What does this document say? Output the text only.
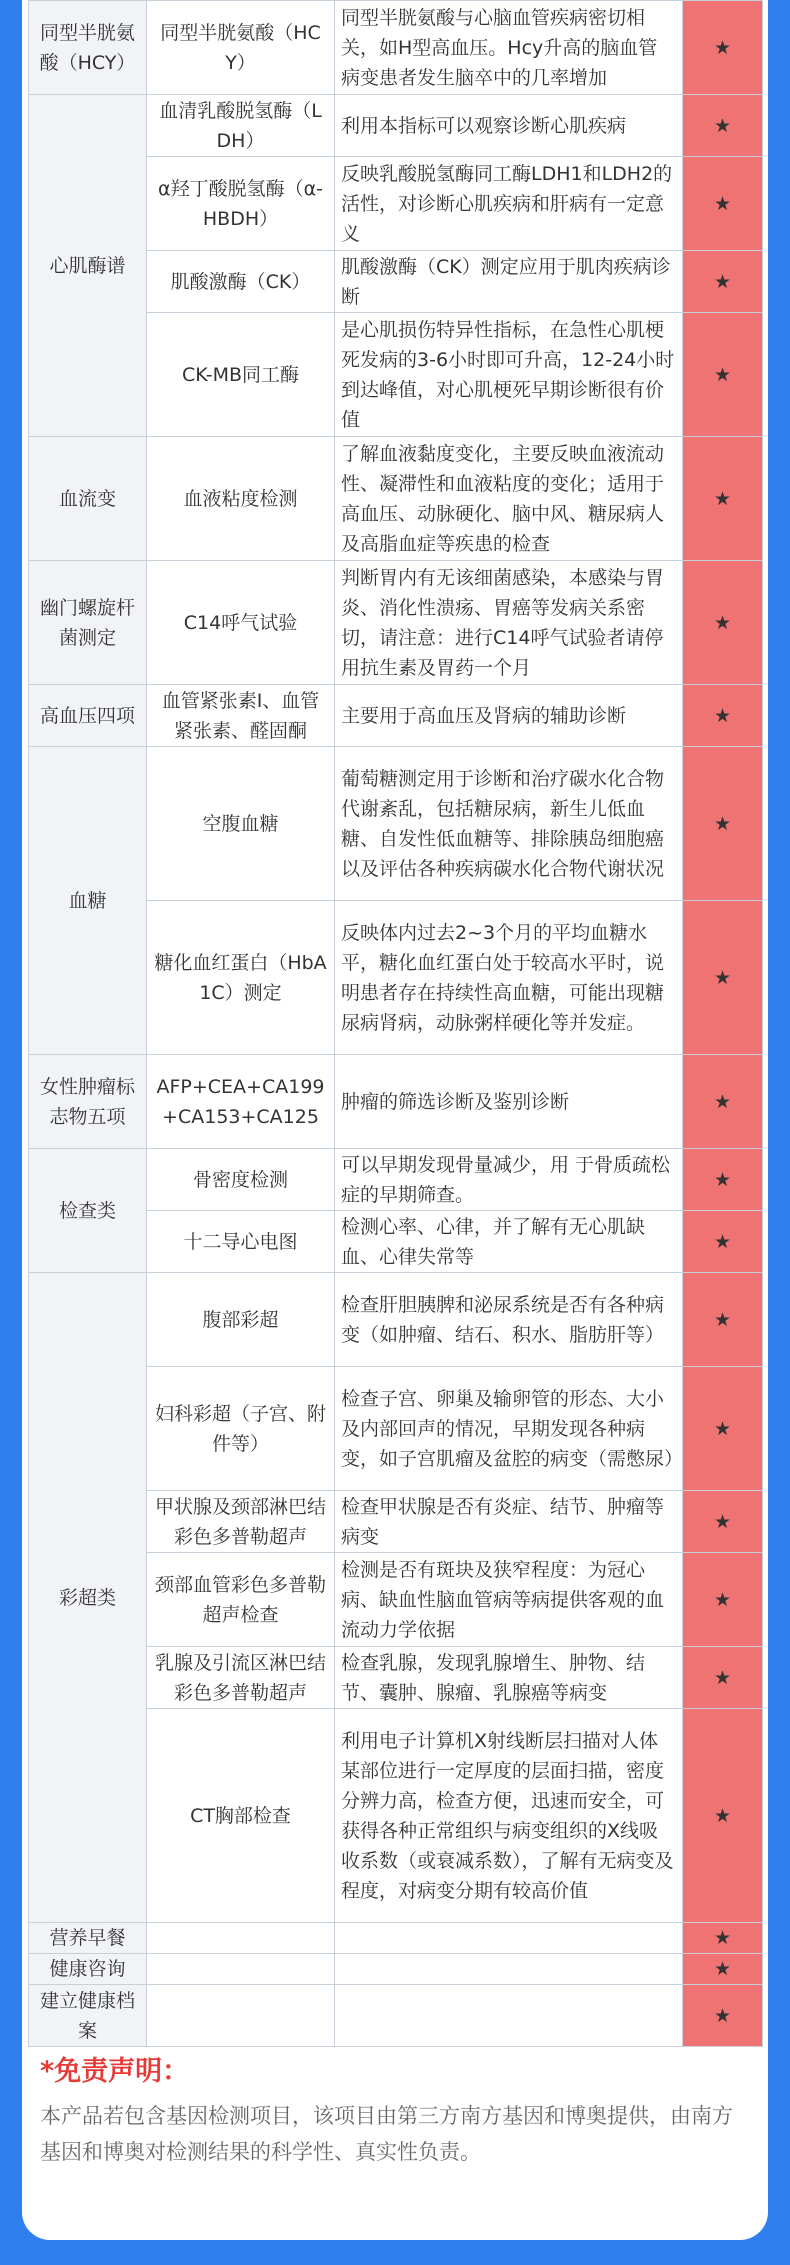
同型半胱氨酸（HCY）	同型半胱氨酸（HCY）	同型半胱氨酸与心脑血管疾病密切相关，如H型高血压。Hcy升高的脑血管病变患者发生脑卒中的几率增加	★
心肌酶谱	血清乳酸脱氢酶（LDH）	利用本指标可以观察诊断心肌疾病	★
	α羟丁酸脱氢酶（α-HBDH）	反映乳酸脱氢酶同工酶LDH1和LDH2的活性，对诊断心肌疾病和肝病有一定意义	★
	肌酸激酶（CK）	肌酸激酶（CK）测定应用于肌肉疾病诊断	★
	CK-MB同工酶	是心肌损伤特异性指标，在急性心肌梗死发病的3-6小时即可升高，12-24小时到达峰值，对心肌梗死早期诊断很有价值	★
血流变	血液粘度检测	了解血液黏度变化，主要反映血液流动性、凝滞性和血液粘度的变化；适用于高血压、动脉硬化、脑中风、糖尿病人及高脂血症等疾患的检查	★
幽门螺旋杆菌测定	C14呼气试验	判断胃内有无该细菌感染，本感染与胃炎、消化性溃疡、胃癌等发病关系密切，请注意：进行C14呼气试验者请停用抗生素及胃药一个月	★
高血压四项	血管紧张素Ⅰ、血管紧张素、醛固酮	主要用于高血压及肾病的辅助诊断	★
血糖	空腹血糖	葡萄糖测定用于诊断和治疗碳水化合物代谢紊乱，包括糖尿病，新生儿低血糖、自发性低血糖等、排除胰岛细胞癌以及评估各种疾病碳水化合物代谢状况	★
	糖化血红蛋白（HbA1C）测定	反映体内过去2~3个月的平均血糖水平，糖化血红蛋白处于较高水平时，说明患者存在持续性高血糖，可能出现糖尿病肾病，动脉粥样硬化等并发症。	★
女性肿瘤标志物五项	AFP+CEA+CA199+CA153+CA125	肿瘤的筛选诊断及鉴别诊断	★
检查类	骨密度检测	可以早期发现骨量减少，用 于骨质疏松症的早期筛查。	★
	十二导心电图	检测心率、心律，并了解有无心肌缺血、心律失常等	★
彩超类	腹部彩超	检查肝胆胰脾和泌尿系统是否有各种病变（如肿瘤、结石、积水、脂肪肝等）	★
	妇科彩超（子宫、附件等）	检查子宫、卵巢及输卵管的形态、大小及内部回声的情况，早期发现各种病变，如子宫肌瘤及盆腔的病变（需憋尿）	★
	甲状腺及颈部淋巴结彩色多普勒超声	检查甲状腺是否有炎症、结节、肿瘤等病变	★
	颈部血管彩色多普勒超声检查	检测是否有斑块及狭窄程度：为冠心病、缺血性脑血管病等病提供客观的血流动力学依据	★
	乳腺及引流区淋巴结彩色多普勒超声	检查乳腺，发现乳腺增生、肿物、结节、囊肿、腺瘤、乳腺癌等病变	★
	CT胸部检查	利用电子计算机X射线断层扫描对人体某部位进行一定厚度的层面扫描，密度分辨力高，检查方便，迅速而安全，可获得各种正常组织与病变组织的X线吸收系数（或衰减系数），了解有无病变及程度，对病变分期有较高价值	★
营养早餐			★
健康咨询			★
建立健康档案			★
*免责声明：
本产品若包含基因检测项目，该项目由第三方南方基因和博奥提供，由南方基因和博奥对检测结果的科学性、真实性负责。
